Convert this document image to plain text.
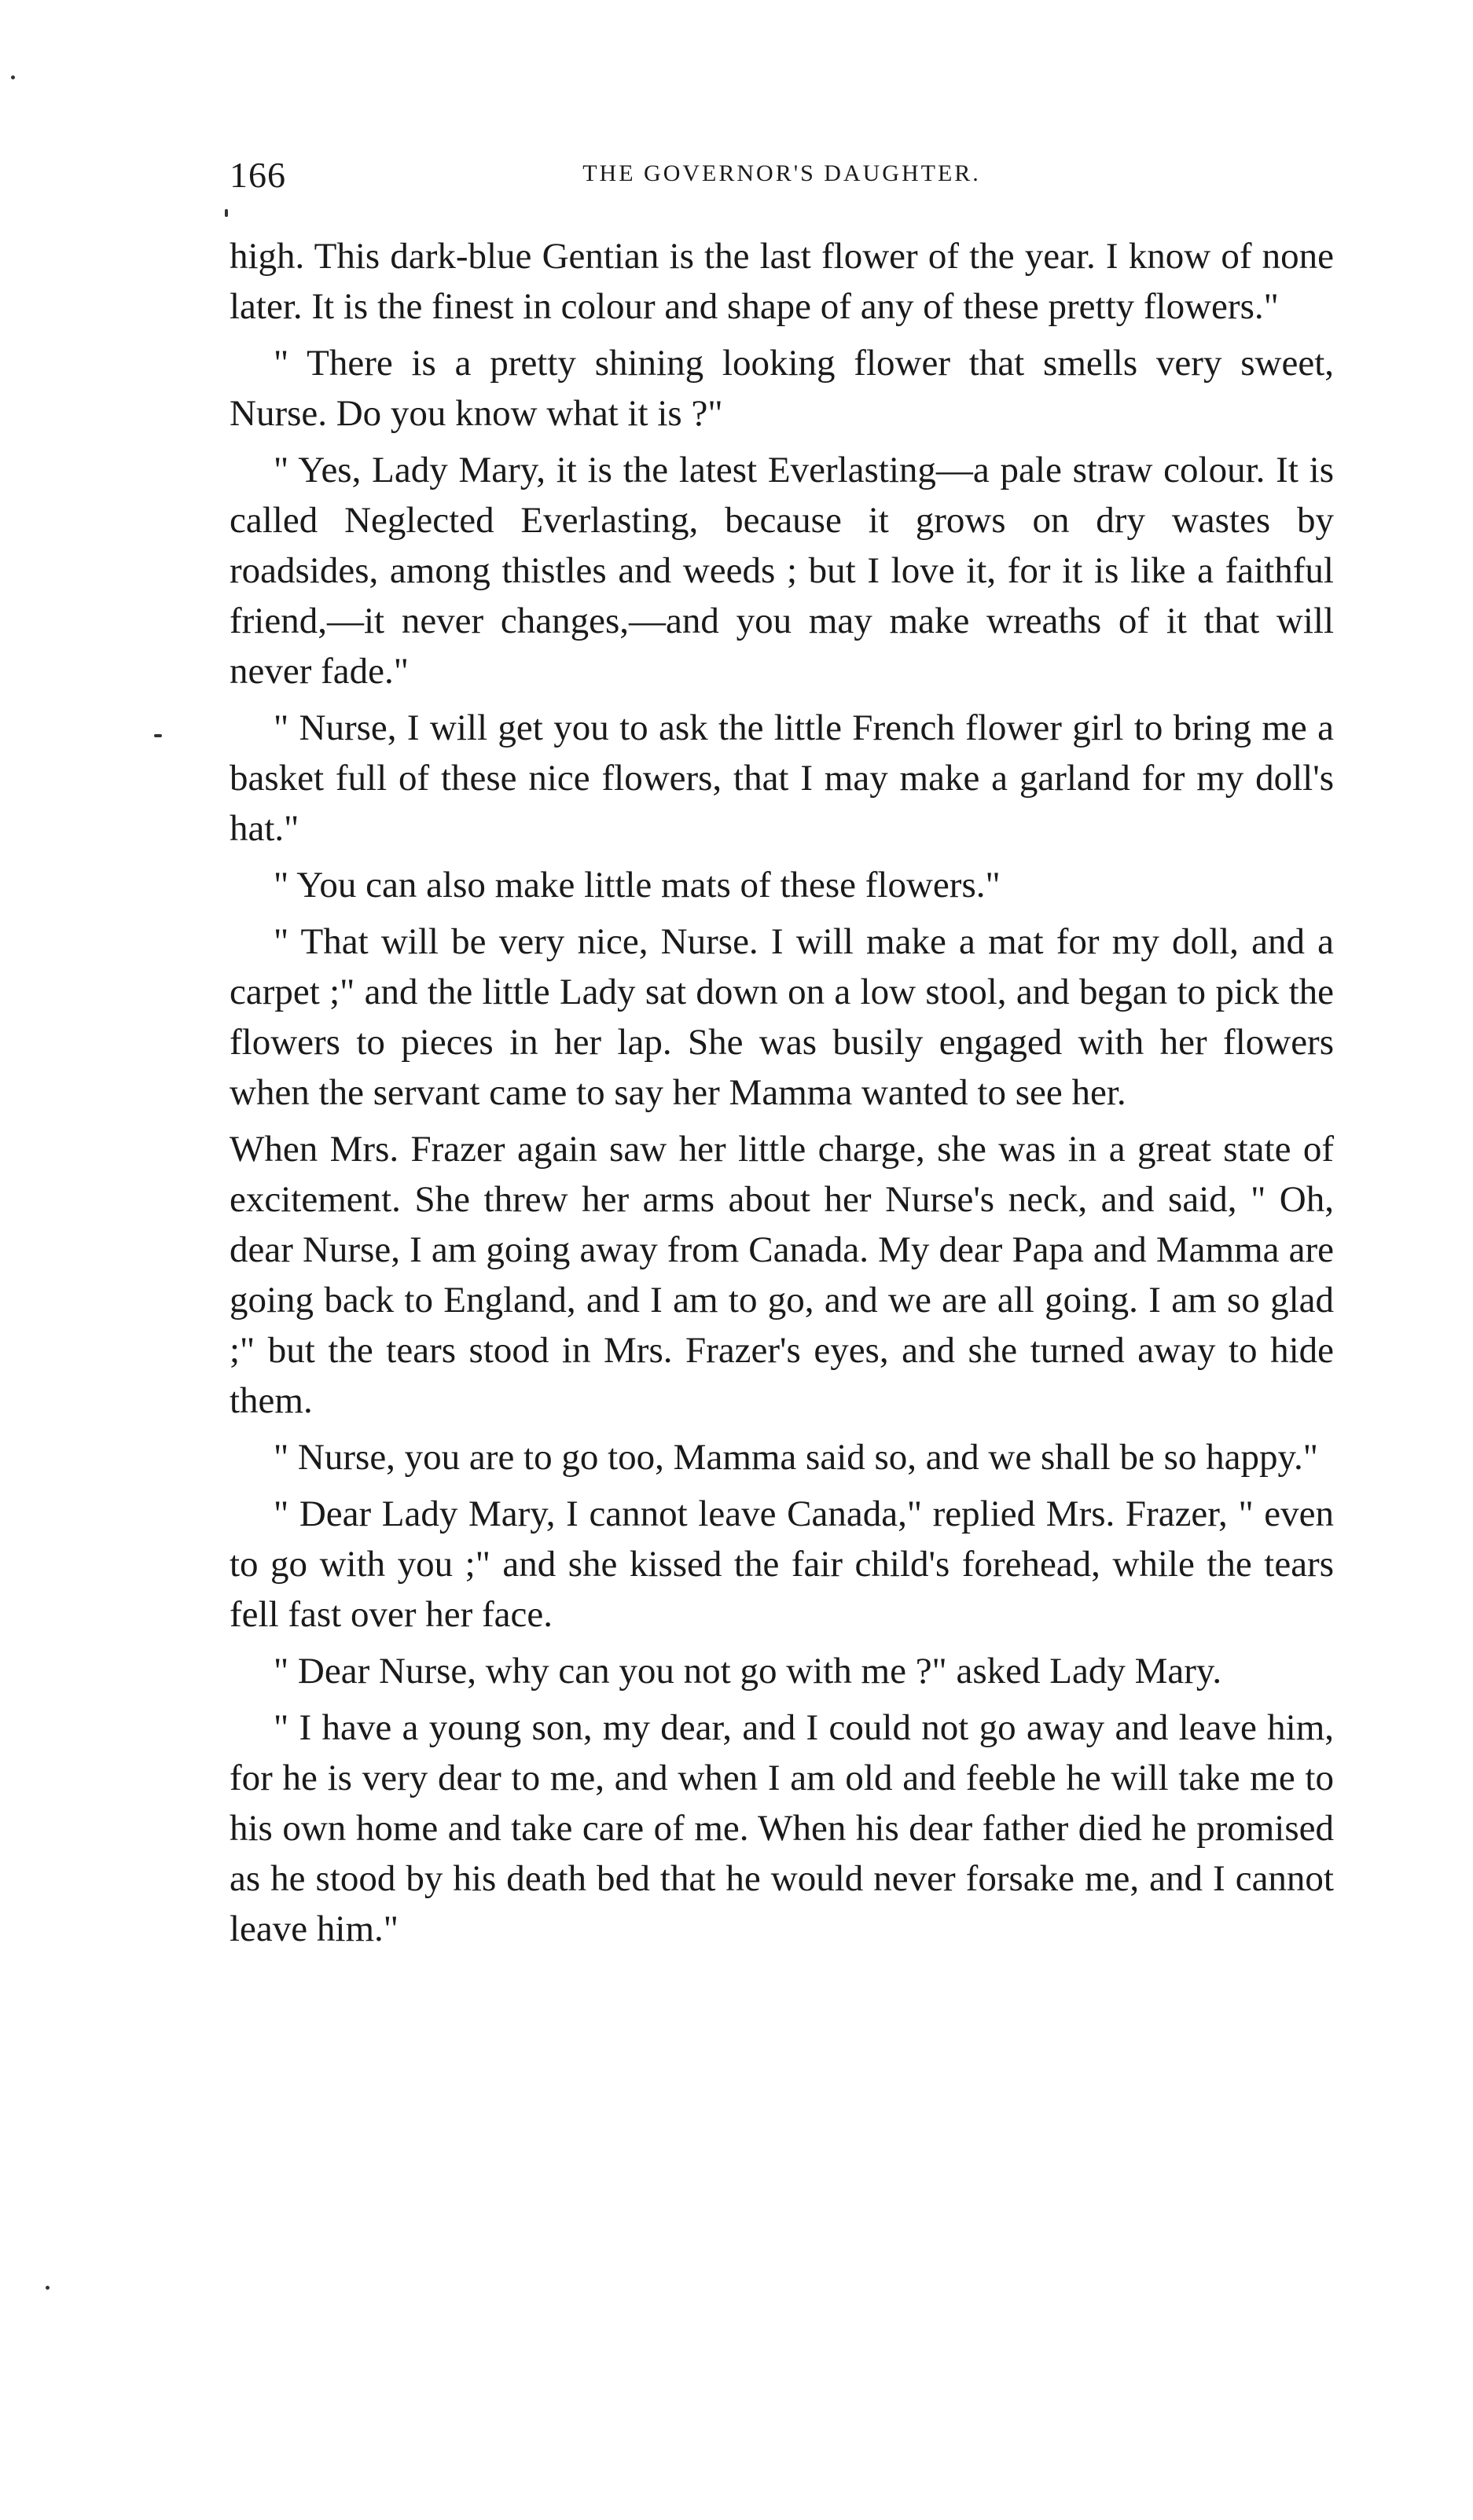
166	THE GOVERNOR'S DAUGHTER.

high. This dark-blue Gentian is the last flower of the year. I know of none later. It is the finest in colour and shape of any of these pretty flowers."

" There is a pretty shining looking flower that smells very sweet, Nurse. Do you know what it is ?"

" Yes, Lady Mary, it is the latest Everlasting—a pale straw colour. It is called Neglected Everlasting, because it grows on dry wastes by roadsides, among thistles and weeds ; but I love it, for it is like a faithful friend,—it never changes,—and you may make wreaths of it that will never fade."

" Nurse, I will get you to ask the little French flower girl to bring me a basket full of these nice flowers, that I may make a garland for my doll's hat."

" You can also make little mats of these flowers."

" That will be very nice, Nurse. I will make a mat for my doll, and a carpet ;" and the little Lady sat down on a low stool, and began to pick the flowers to pieces in her lap. She was busily engaged with her flowers when the servant came to say her Mamma wanted to see her.

When Mrs. Frazer again saw her little charge, she was in a great state of excitement. She threw her arms about her Nurse's neck, and said, " Oh, dear Nurse, I am going away from Canada. My dear Papa and Mamma are going back to England, and I am to go, and we are all going. I am so glad ;" but the tears stood in Mrs. Frazer's eyes, and she turned away to hide them.

" Nurse, you are to go too, Mamma said so, and we shall be so happy."

" Dear Lady Mary, I cannot leave Canada," replied Mrs. Frazer, " even to go with you ;" and she kissed the fair child's forehead, while the tears fell fast over her face.

" Dear Nurse, why can you not go with me ?" asked Lady Mary.

" I have a young son, my dear, and I could not go away and leave him, for he is very dear to me, and when I am old and feeble he will take me to his own home and take care of me. When his dear father died he promised as he stood by his death bed that he would never forsake me, and I cannot leave him."
